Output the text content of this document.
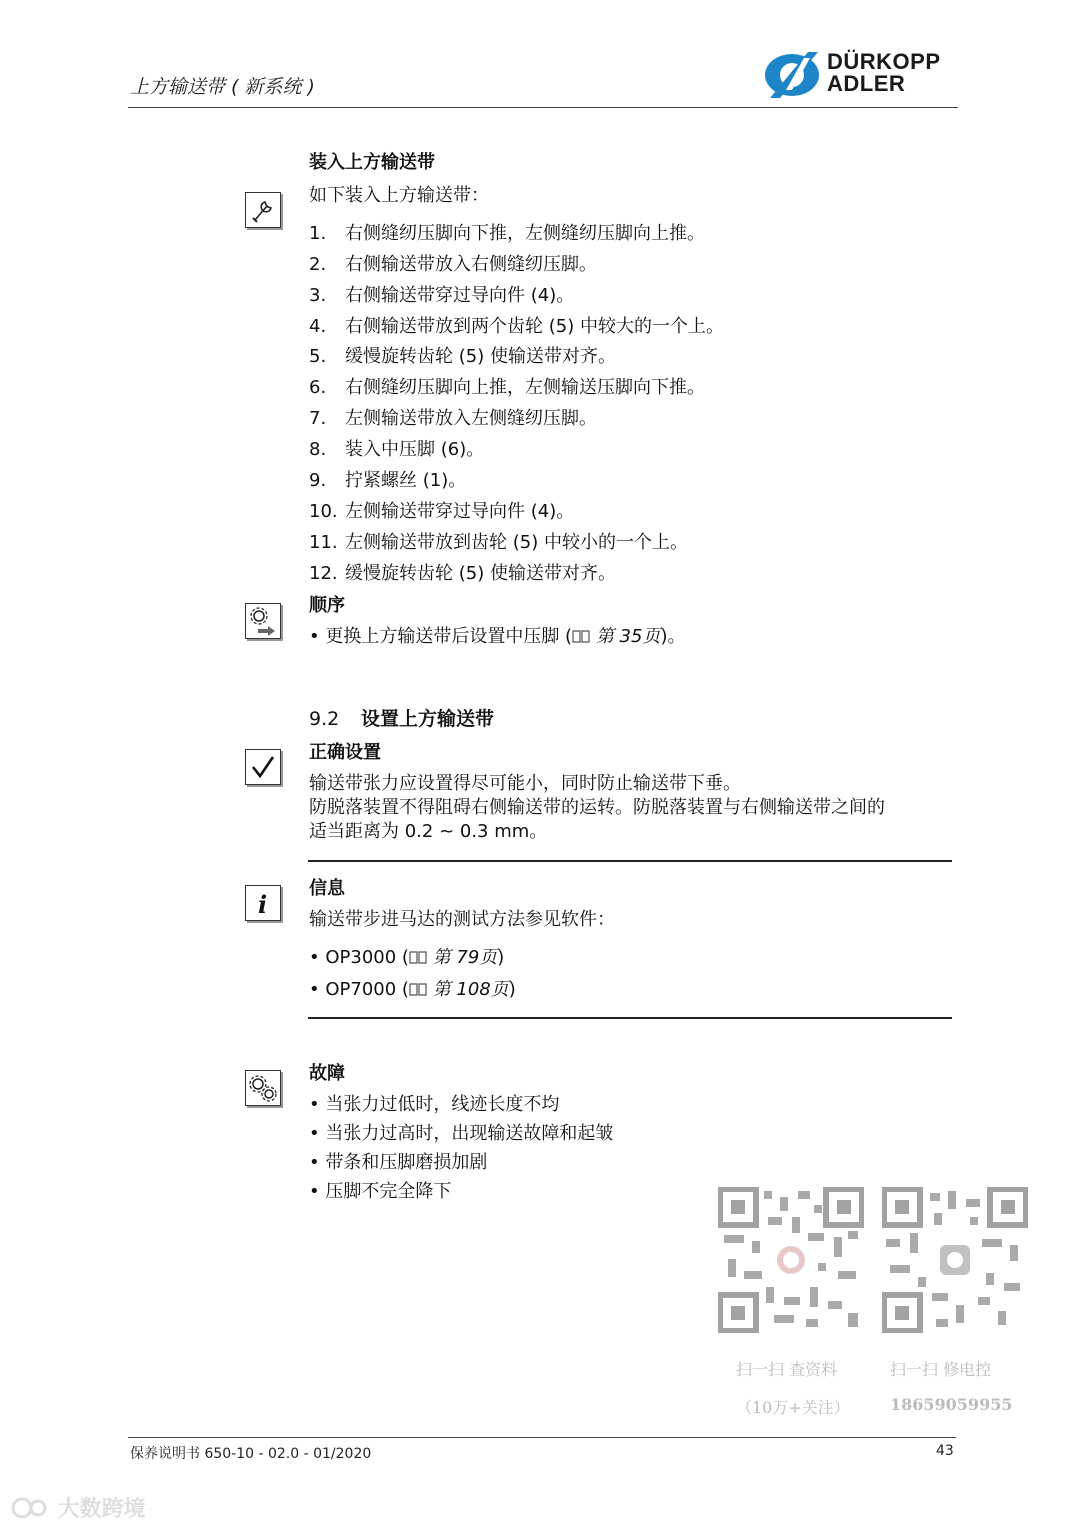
上方输送带 ( 新系统 )
DÜRKOPP
ADLER
装入上方输送带
如下装入上方输送带：
1. 右侧缝纫压脚向下推，左侧缝纫压脚向上推。
2. 右侧输送带放入右侧缝纫压脚。
3. 右侧输送带穿过导向件 (4)。
4. 右侧输送带放到两个齿轮 (5) 中较大的一个上。
5. 缓慢旋转齿轮 (5) 使输送带对齐。
6. 右侧缝纫压脚向上推，左侧输送压脚向下推。
7. 左侧输送带放入左侧缝纫压脚。
8. 装入中压脚 (6)。
9. 拧紧螺丝 (1)。
10. 左侧输送带穿过导向件 (4)。
11. 左侧输送带放到齿轮 (5) 中较小的一个上。
12. 缓慢旋转齿轮 (5) 使输送带对齐。
顺序
• 更换上方输送带后设置中压脚 ( 第 35页)。
9.2 设置上方输送带
正确设置
输送带张力应设置得尽可能小，同时防止输送带下垂。
防脱落装置不得阻碍右侧输送带的运转。防脱落装置与右侧输送带之间的
适当距离为 0.2 ~ 0.3 mm。
i
信息
输送带步进马达的测试方法参见软件：
• OP3000 ( 第 79页)
• OP7000 ( 第 108页)
故障
• 当张力过低时，线迹长度不均
• 当张力过高时，出现输送故障和起皱
• 带条和压脚磨损加剧
• 压脚不完全降下
扫一扫 查资料
（10万+关注）
扫一扫 修电控
18659059955
保养说明书 650-10 - 02.0 - 01/2020	43
大数跨境
